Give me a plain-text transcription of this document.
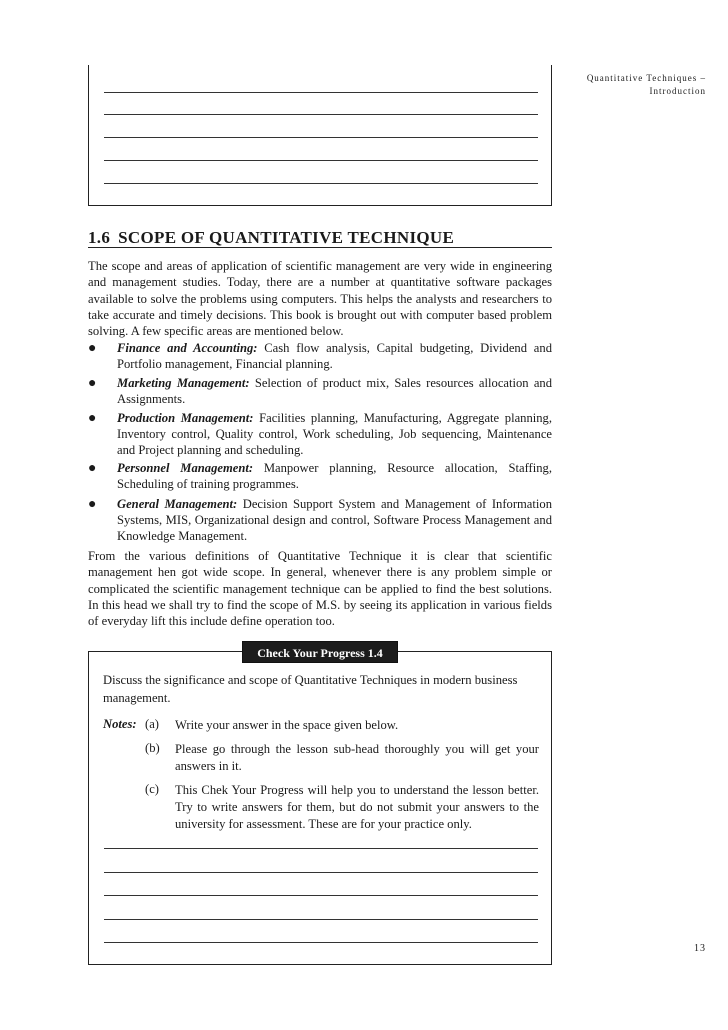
Quantitative Techniques – Introduction
1.6 SCOPE OF QUANTITATIVE TECHNIQUE
The scope and areas of application of scientific management are very wide in engineering and management studies. Today, there are a number at quantitative software packages available to solve the problems using computers. This helps the analysts and researchers to take accurate and timely decisions. This book is brought out with computer based problem solving. A few specific areas are mentioned below.
● Finance and Accounting: Cash flow analysis, Capital budgeting, Dividend and Portfolio management, Financial planning.
● Marketing Management: Selection of product mix, Sales resources allocation and Assignments.
● Production Management: Facilities planning, Manufacturing, Aggregate planning, Inventory control, Quality control, Work scheduling, Job sequencing, Maintenance and Project planning and scheduling.
● Personnel Management: Manpower planning, Resource allocation, Staffing, Scheduling of training programmes.
● General Management: Decision Support System and Management of Information Systems, MIS, Organizational design and control, Software Process Management and Knowledge Management.
From the various definitions of Quantitative Technique it is clear that scientific management hen got wide scope. In general, whenever there is any problem simple or complicated the scientific management technique can be applied to find the best solutions. In this head we shall try to find the scope of M.S. by seeing its application in various fields of everyday lift this include define operation too.
Check Your Progress 1.4
Discuss the significance and scope of Quantitative Techniques in modern business management.
Notes: (a)	Write your answer in the space given below.
(b)	Please go through the lesson sub-head thoroughly you will get your answers in it.
(c)	This Chek Your Progress will help you to understand the lesson better. Try to write answers for them, but do not submit your answers to the university for assessment. These are for your practice only.
13
